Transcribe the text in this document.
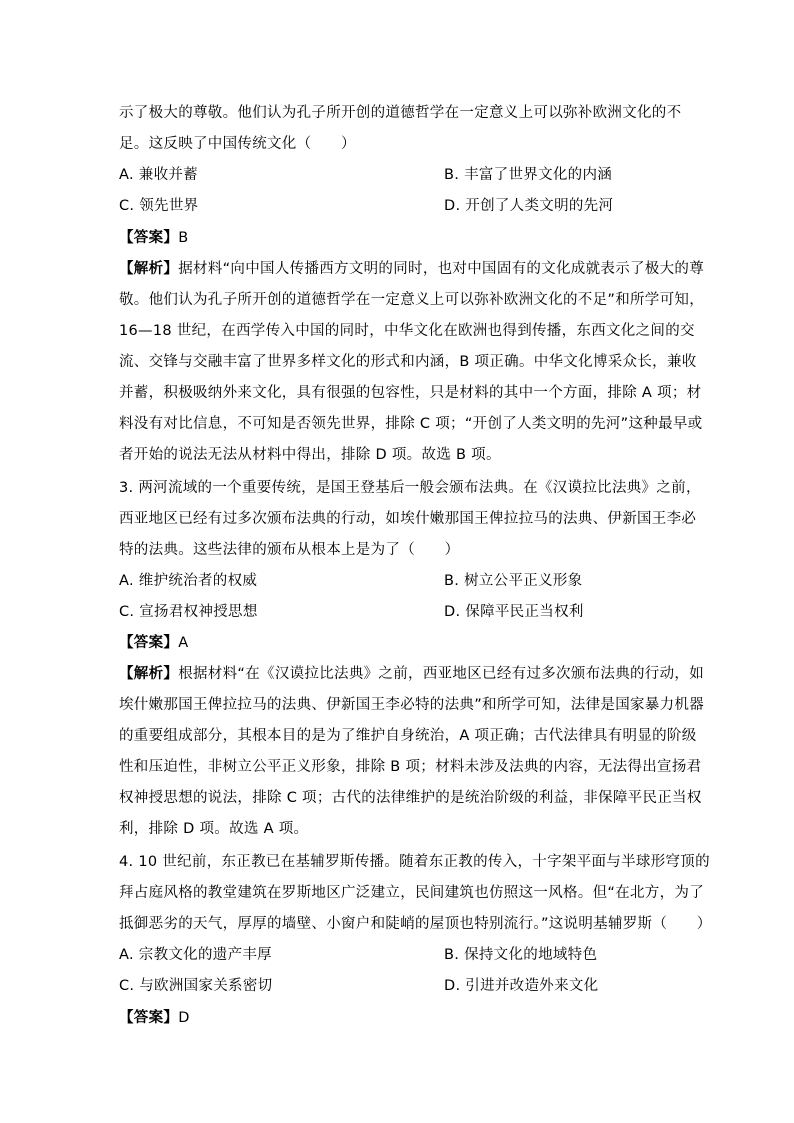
示了极大的尊敬。他们认为孔子所开创的道德哲学在一定意义上可以弥补欧洲文化的不
足。这反映了中国传统文化（　　）
A. 兼收并蓄	B. 丰富了世界文化的内涵
C. 领先世界	D. 开创了人类文明的先河
【答案】B
【解析】据材料“向中国人传播西方文明的同时，也对中国固有的文化成就表示了极大的尊
敬。他们认为孔子所开创的道德哲学在一定意义上可以弥补欧洲文化的不足”和所学可知，
16—18 世纪，在西学传入中国的同时，中华文化在欧洲也得到传播，东西文化之间的交
流、交锋与交融丰富了世界多样文化的形式和内涵，B 项正确。中华文化博采众长，兼收
并蓄，积极吸纳外来文化，具有很强的包容性，只是材料的其中一个方面，排除 A 项；材
料没有对比信息，不可知是否领先世界，排除 C 项；“开创了人类文明的先河”这种最早或
者开始的说法无法从材料中得出，排除 D 项。故选 B 项。
3. 两河流域的一个重要传统，是国王登基后一般会颁布法典。在《汉谟拉比法典》之前，
西亚地区已经有过多次颁布法典的行动，如埃什嫩那国王俾拉拉马的法典、伊新国王李必
特的法典。这些法律的颁布从根本上是为了（　　）
A. 维护统治者的权威	B. 树立公平正义形象
C. 宣扬君权神授思想	D. 保障平民正当权利
【答案】A
【解析】根据材料“在《汉谟拉比法典》之前，西亚地区已经有过多次颁布法典的行动，如
埃什嫩那国王俾拉拉马的法典、伊新国王李必特的法典”和所学可知，法律是国家暴力机器
的重要组成部分，其根本目的是为了维护自身统治，A 项正确；古代法律具有明显的阶级
性和压迫性，非树立公平正义形象，排除 B 项；材料未涉及法典的内容，无法得出宣扬君
权神授思想的说法，排除 C 项；古代的法律维护的是统治阶级的利益，非保障平民正当权
利，排除 D 项。故选 A 项。
4. 10 世纪前，东正教已在基辅罗斯传播。随着东正教的传入，十字架平面与半球形穹顶的
拜占庭风格的教堂建筑在罗斯地区广泛建立，民间建筑也仿照这一风格。但“在北方，为了
抵御恶劣的天气，厚厚的墙壁、小窗户和陡峭的屋顶也特别流行。”这说明基辅罗斯（　　）
A. 宗教文化的遗产丰厚	B. 保持文化的地域特色
C. 与欧洲国家关系密切	D. 引进并改造外来文化
【答案】D
